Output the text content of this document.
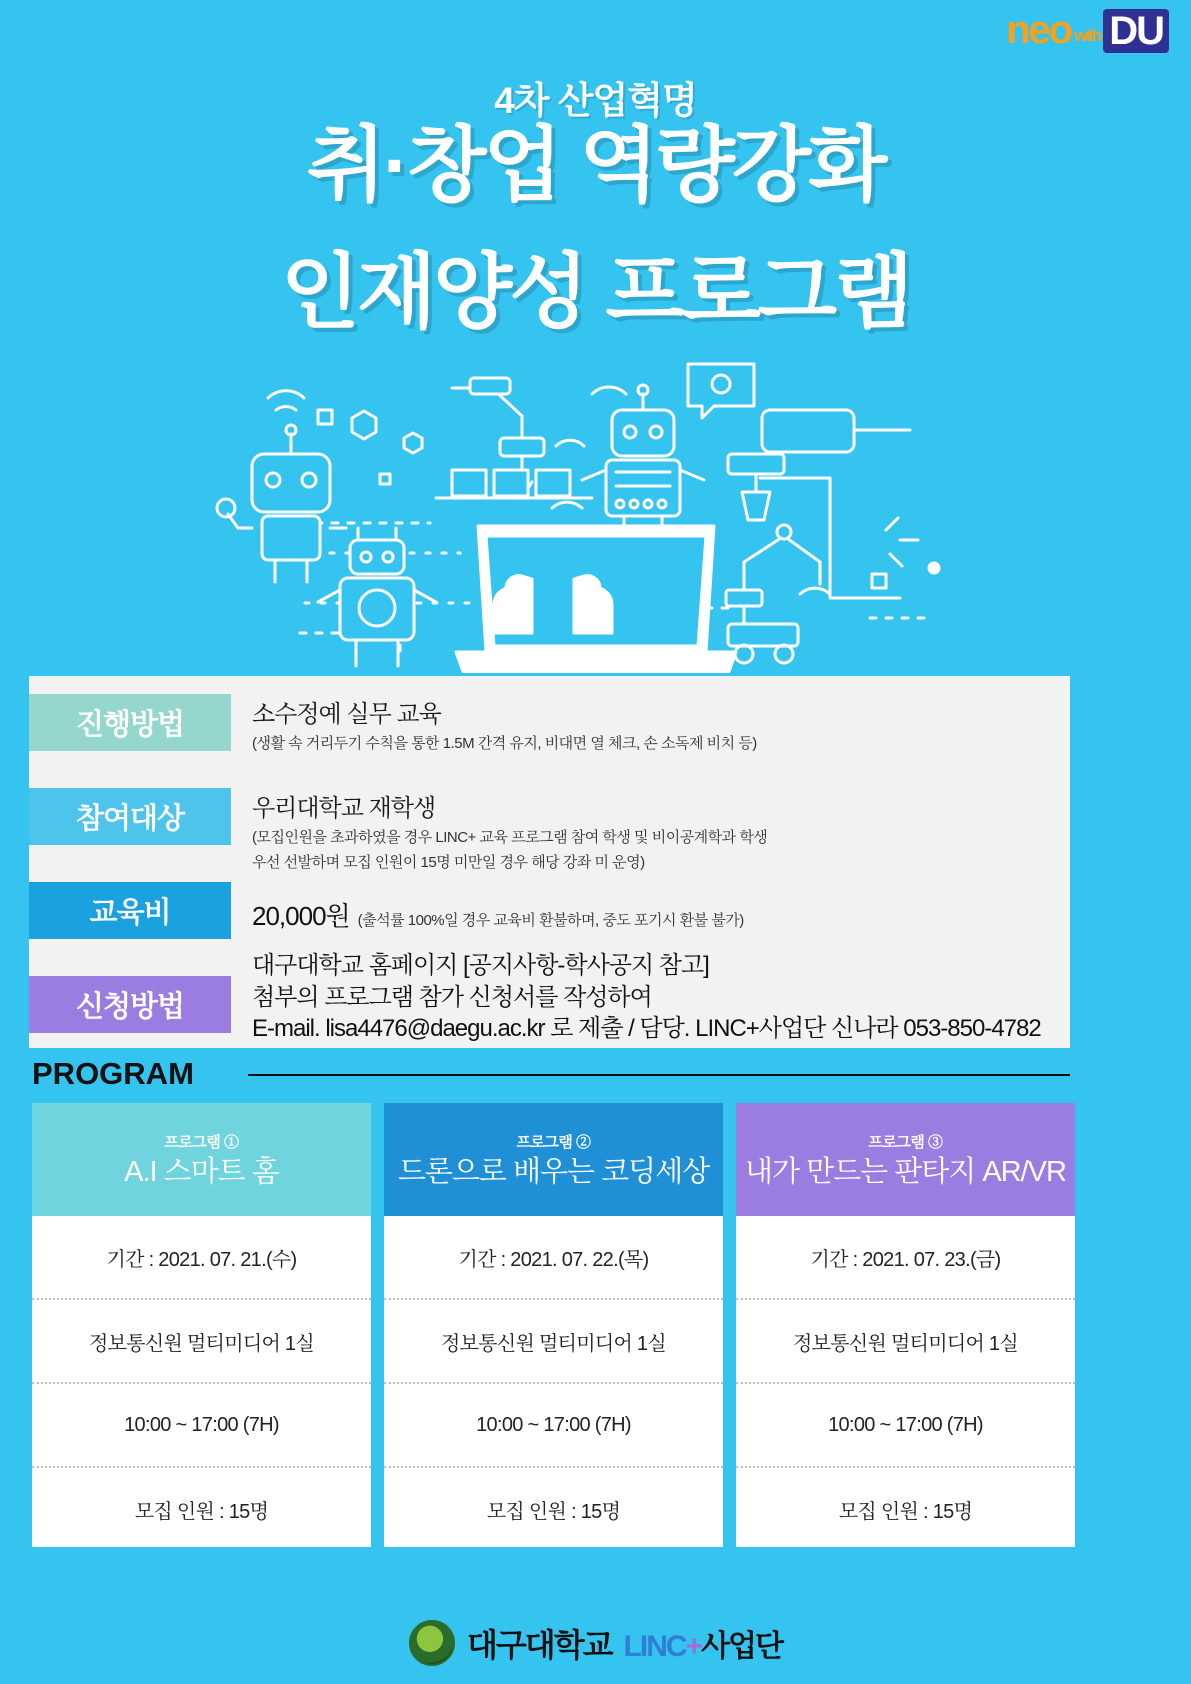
neo with DU
4차 산업혁명
취·창업 역량강화
인재양성 프로그램
진행방법	소수정예 실무 교육
(생활 속 거리두기 수칙을 통한 1.5M 간격 유지, 비대면 열 체크, 손 소독제 비치 등)
참여대상	우리대학교 재학생
(모집인원을 초과하였을 경우 LINC+ 교육 프로그램 참여 학생 및 비이공계학과 학생
우선 선발하며 모집 인원이 15명 미만일 경우 해당 강좌 미 운영)
교육비	20,000원 (출석률 100%일 경우 교육비 환불하며, 중도 포기시 환불 불가)
신청방법
대구대학교 홈페이지 [공지사항-학사공지 참고]
첨부의 프로그램 참가 신청서를 작성하여
E-mail. lisa4476@daegu.ac.kr 로 제출 / 담당. LINC+사업단 신나라 053-850-4782
PROGRAM
프로그램 ①
A.I 스마트 홈
기간 : 2021. 07. 21.(수)
정보통신원 멀티미디어 1실
10:00 ~ 17:00 (7H)
모집 인원 : 15명
프로그램 ②
드론으로 배우는 코딩세상
기간 : 2021. 07. 22.(목)
정보통신원 멀티미디어 1실
10:00 ~ 17:00 (7H)
모집 인원 : 15명
프로그램 ③
내가 만드는 판타지 AR/VR
기간 : 2021. 07. 23.(금)
정보통신원 멀티미디어 1실
10:00 ~ 17:00 (7H)
모집 인원 : 15명
대구대학교 LINC+사업단
